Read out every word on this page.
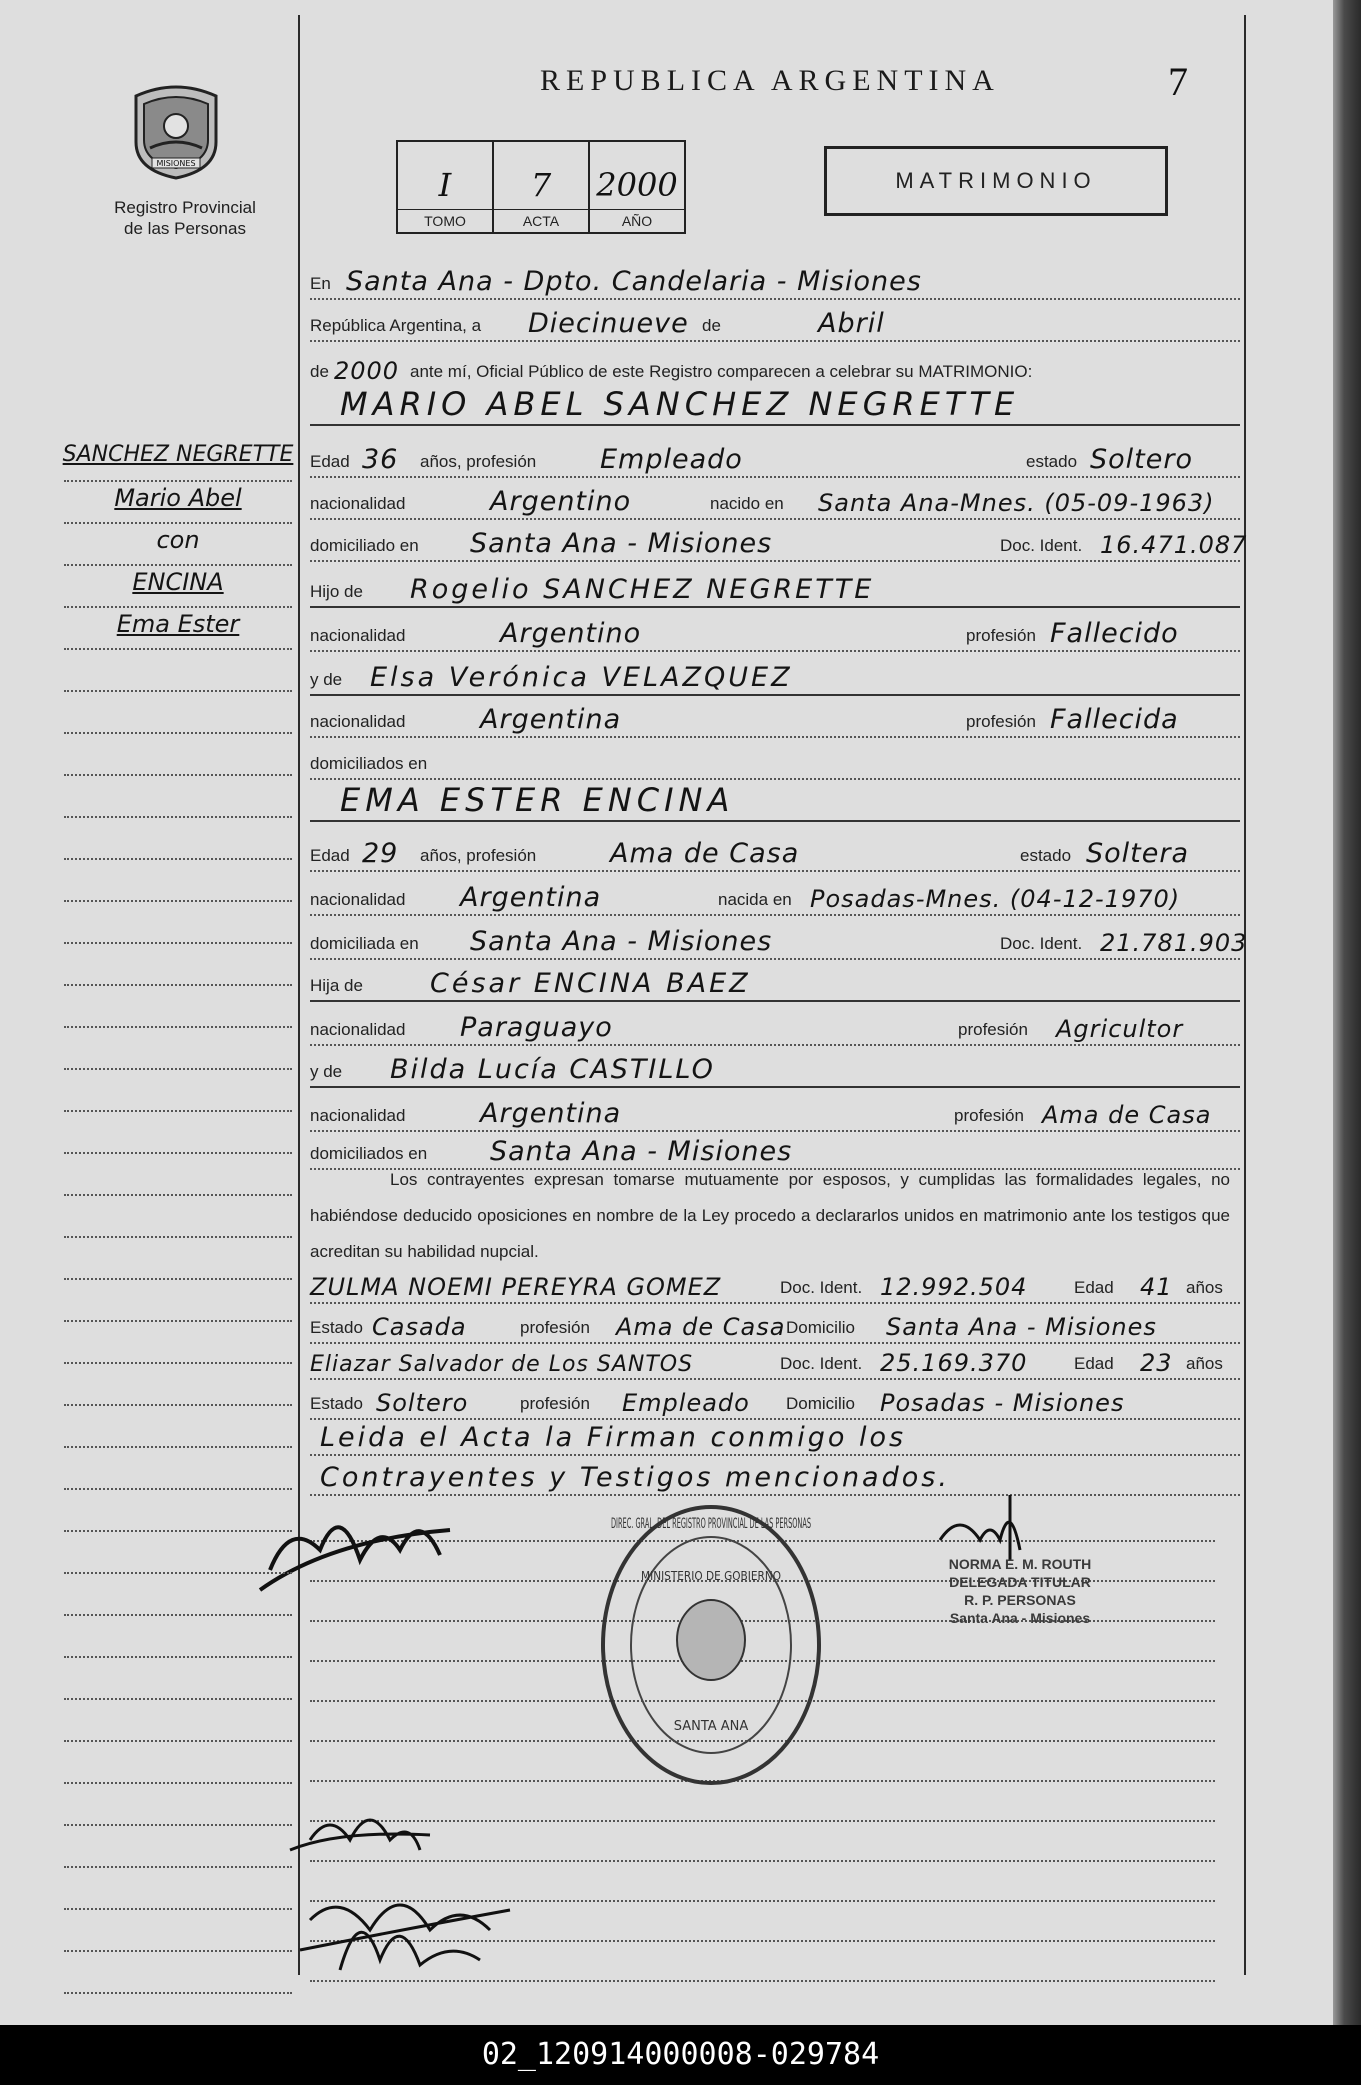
MISIONES
Registro Provincial
de las Personas
REPUBLICA ARGENTINA	7
I
TOMO
7
ACTA
2000
AÑO
MATRIMONIO
En Santa Ana - Dpto. Candelaria - Misiones
República Argentina, a Diecinueve de	Abril
de 2000 ante mí, Oficial Público de este Registro comparecen a celebrar su MATRIMONIO:
MARIO ABEL SANCHEZ NEGRETTE
Edad 36 años, profesión Empleado	estado Soltero
nacionalidad	Argentino	nacido en Santa Ana-Mnes. (05-09-1963)
domiciliado en Santa Ana - Misiones	Doc. Ident. 16.471.087
Hijo de Rogelio SANCHEZ NEGRETTE
nacionalidad	Argentino	profesión Fallecido
y de Elsa Verónica VELAZQUEZ
nacionalidad	Argentina	profesión Fallecida
domiciliados en
EMA ESTER ENCINA
Edad 29 años, profesión	Ama de Casa	estado Soltera
nacionalidad Argentina	nacida en Posadas-Mnes. (04-12-1970)
domiciliada en Santa Ana - Misiones	Doc. Ident. 21.781.903
Hija de César ENCINA BAEZ
nacionalidad Paraguayo	profesión Agricultor
y de Bilda Lucía CASTILLO
nacionalidad	Argentina	profesión Ama de Casa
domiciliados en Santa Ana - Misiones
Los contrayentes expresan tomarse mutuamente por esposos, y cumplidas las formalidades legales, no habiéndose deducido oposiciones en nombre de la Ley procedo a declararlos unidos en matrimonio ante los testigos que acreditan su habilidad nupcial.
ZULMA NOEMI PEREYRA GOMEZ	Doc. Ident. 12.992.504	Edad 41 años
Estado Casada	profesión Ama de Casa Domicilio Santa Ana - Misiones
Eliazar Salvador de Los SANTOS	Doc. Ident. 25.169.370	Edad 23 años
Estado Soltero	profesión Empleado Domicilio Posadas - Misiones
Leida el Acta la Firman conmigo los
Contrayentes y Testigos mencionados.
DIREC. GRAL. DEL REGISTRO PROVINCIAL DE LAS PERSONAS
MINISTERIO DE GOBIERNO
SANTA ANA
NORMA E. M. ROUTH
DELEGADA TITULAR
R. P. PERSONAS
Santa Ana - Misiones
SANCHEZ NEGRETTE
Mario Abel
con
ENCINA
Ema Ester
02_120914000008-029784
